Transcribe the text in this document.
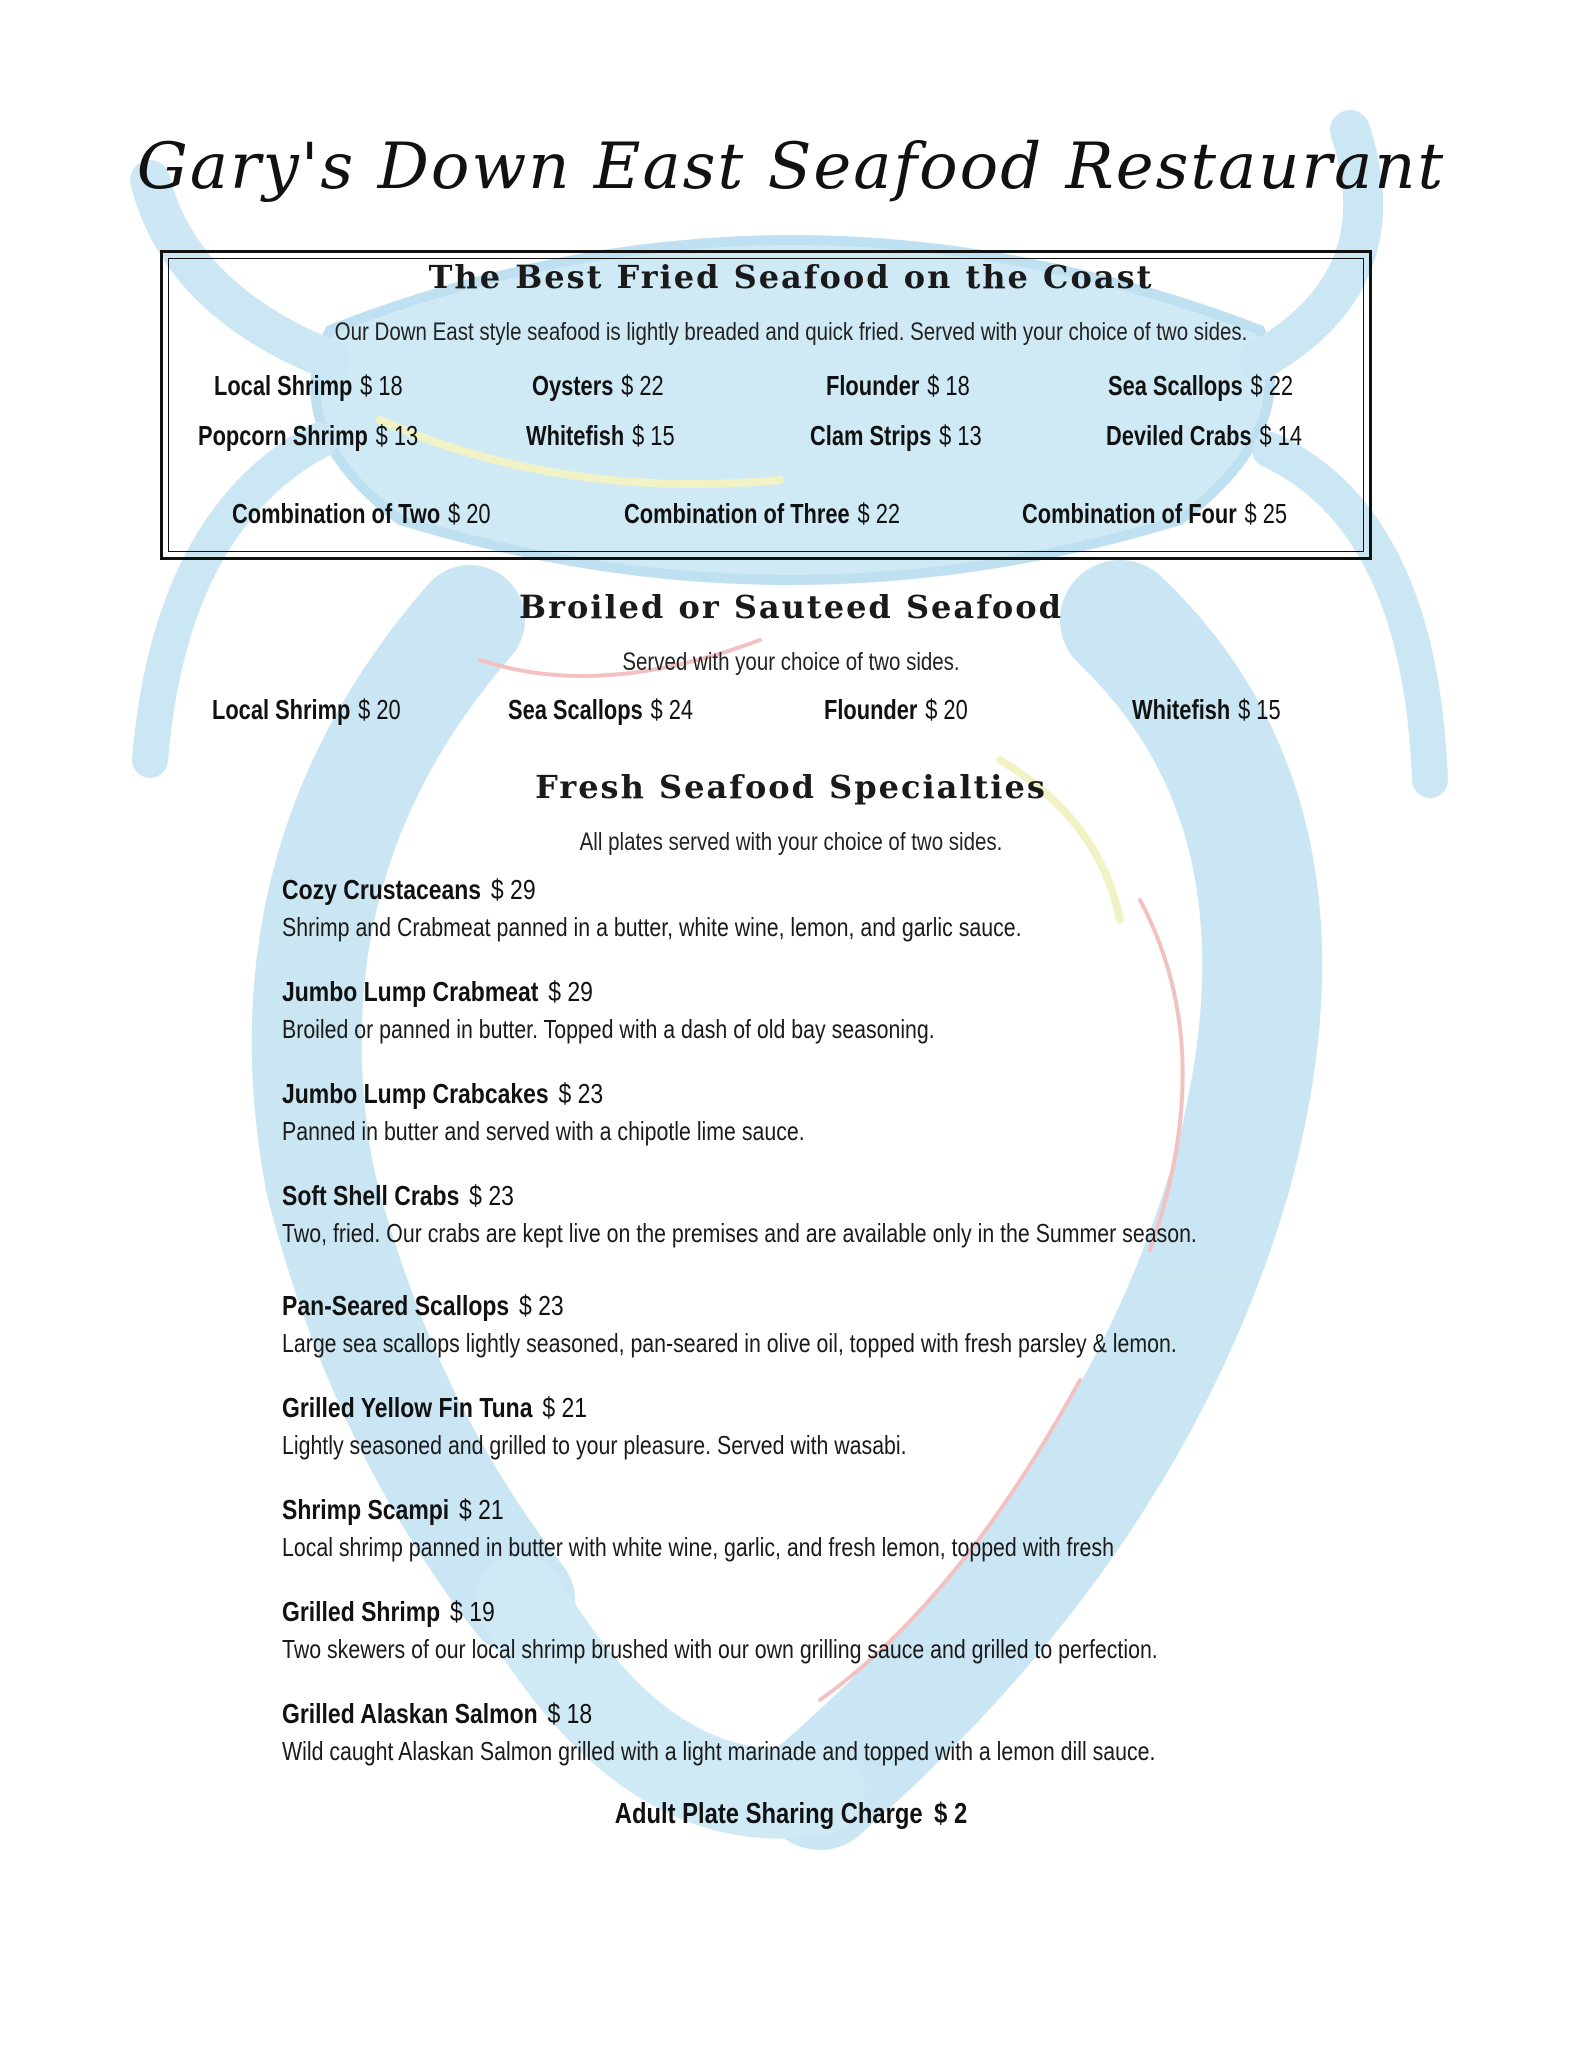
Gary's Down East Seafood Restaurant
The Best Fried Seafood on the Coast
Our Down East style seafood is lightly breaded and quick fried. Served with your choice of two sides.
Local Shrimp $ 18	Oysters $ 22	Flounder $ 18	Sea Scallops $ 22
Popcorn Shrimp $ 13	Whitefish $ 15	Clam Strips $ 13	Deviled Crabs $ 14
Combination of Two $ 20	Combination of Three $ 22	Combination of Four $ 25
Broiled or Sauteed Seafood
Served with your choice of two sides.
Local Shrimp $ 20	Sea Scallops $ 24	Flounder $ 20	Whitefish $ 15
Fresh Seafood Specialties
All plates served with your choice of two sides.
Cozy Crustaceans $ 29
Shrimp and Crabmeat panned in a butter, white wine, lemon, and garlic sauce.
Jumbo Lump Crabmeat $ 29
Broiled or panned in butter. Topped with a dash of old bay seasoning.
Jumbo Lump Crabcakes $ 23
Panned in butter and served with a chipotle lime sauce.
Soft Shell Crabs $ 23
Two, fried. Our crabs are kept live on the premises and are available only in the Summer season.
Pan-Seared Scallops $ 23
Large sea scallops lightly seasoned, pan-seared in olive oil, topped with fresh parsley & lemon.
Grilled Yellow Fin Tuna $ 21
Lightly seasoned and grilled to your pleasure. Served with wasabi.
Shrimp Scampi $ 21
Local shrimp panned in butter with white wine, garlic, and fresh lemon, topped with fresh
Grilled Shrimp $ 19
Two skewers of our local shrimp brushed with our own grilling sauce and grilled to perfection.
Grilled Alaskan Salmon $ 18
Wild caught Alaskan Salmon grilled with a light marinade and topped with a lemon dill sauce.
Adult Plate Sharing Charge $ 2
